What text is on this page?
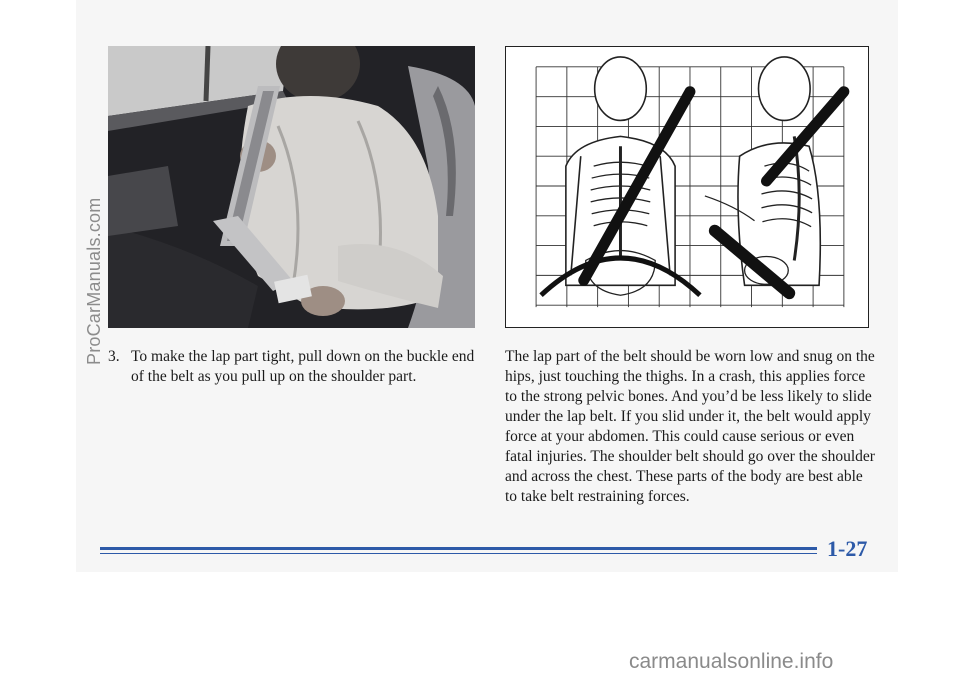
ProCarManuals.com 3. To make the lap part tight, pull down on the buckle end of the belt as you pull up on the shoulder part.
The lap part of the belt should be worn low and snug on the hips, just touching the thighs. In a crash, this applies force to the strong pelvic bones. And you’d be less likely to slide under the lap belt. If you slid under it, the belt would apply force at your abdomen. This could cause serious or even fatal injuries. The shoulder belt should go over the shoulder and across the chest. These parts of the body are best able to take belt restraining forces.
1-27
carmanualsonline.info
